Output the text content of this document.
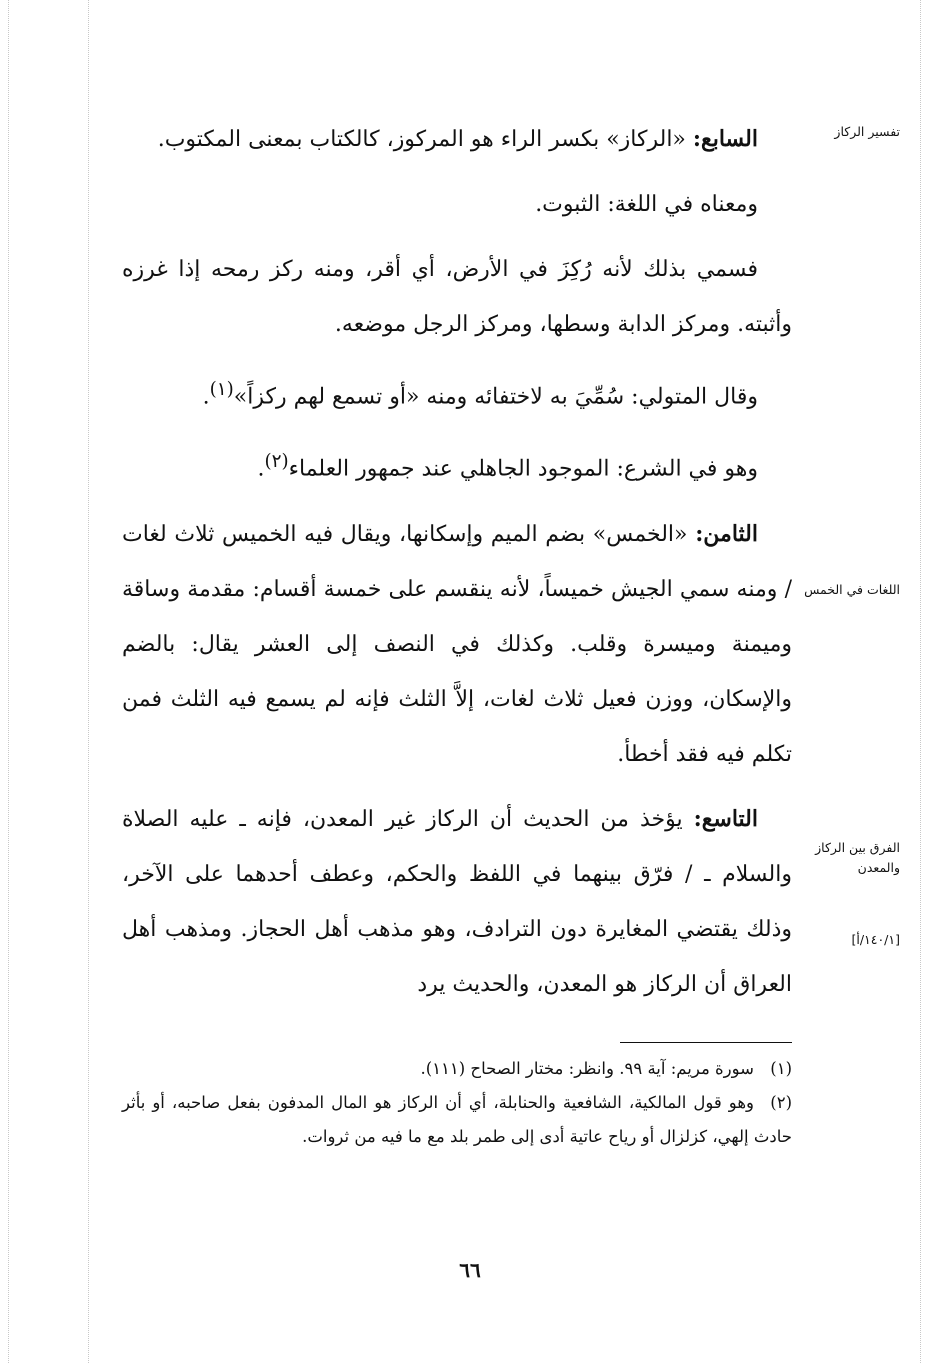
تفسير الركاز
اللغات في الخمس
الفرق بين الركاز والمعدن
[١٤٠/١/أ]

السابع: «الركاز» بكسر الراء هو المركوز، كالكتاب بمعنى المكتوب.

ومعناه في اللغة: الثبوت.

فسمي بذلك لأنه رُكِزَ في الأرض، أي أقر، ومنه ركز رمحه إذا غرزه وأثبته. ومركز الدابة وسطها، ومركز الرجل موضعه.

وقال المتولي: سُمِّيَ به لاختفائه ومنه «أو تسمع لهم ركزاً»$^{(١)}$.

وهو في الشرع: الموجود الجاهلي عند جمهور العلماء$^{(٢)}$.

الثامن: «الخمس» بضم الميم وإسكانها، ويقال فيه الخميس ثلاث لغات / ومنه سمي الجيش خميساً، لأنه ينقسم على خمسة أقسام: مقدمة وساقة وميمنة وميسرة وقلب. وكذلك في النصف إلى العشر يقال: بالضم والإسكان، ووزن فعيل ثلاث لغات، إلاَّ الثلث فإنه لم يسمع فيه الثلث فمن تكلم فيه فقد أخطأ.

التاسع: يؤخذ من الحديث أن الركاز غير المعدن، فإنه ـ عليه الصلاة والسلام ـ / فرّق بينهما في اللفظ والحكم، وعطف أحدهما على الآخر، وذلك يقتضي المغايرة دون الترادف، وهو مذهب أهل الحجاز. ومذهب أهل العراق أن الركاز هو المعدن، والحديث يرد

(١)سورة مريم: آية ٩٩. وانظر: مختار الصحاح (١١١).

(٢)وهو قول المالكية، الشافعية والحنابلة، أي أن الركاز هو المال المدفون بفعل صاحبه، أو بأثر حادث إلهي، كزلزال أو رياح عاتية أدى إلى طمر بلد مع ما فيه من ثروات.

٦٦
